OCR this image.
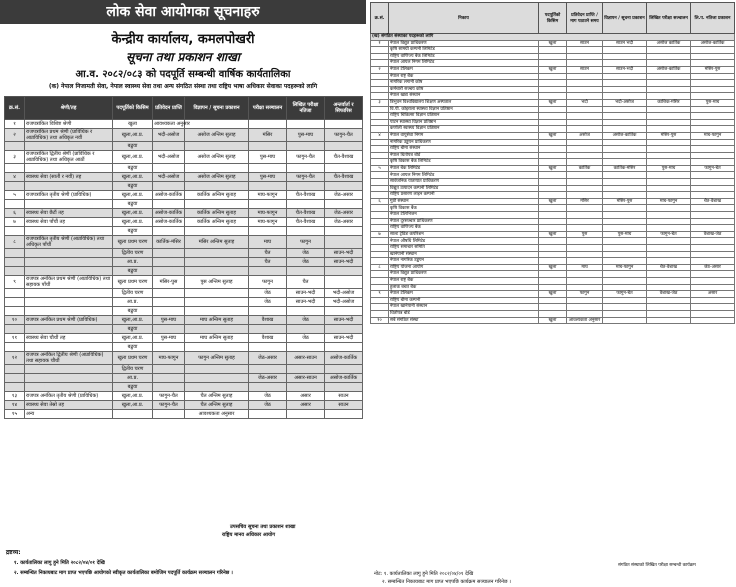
लोक सेवा आयोगका सूचनाहरु
केन्द्रीय कार्यालय, कमलपोखरी
सूचना तथा प्रकाशन शाखा
आ.व. २०८२/०८३ को पदपूर्ति सम्बन्धी वार्षिक कार्यतालिका
(क) नेपाल निजामती सेवा, नेपाल स्वास्थ्य सेवा तथा अन्य संगठित संस्था तथा राष्ट्रिय भाषा अधिकार सेवाका पदहरूको लागि
क्र.सं.	श्रेणी/तह	पदपूर्तिको किसिम	प्रतिवेदन प्राप्ति	विज्ञापन / सूचना प्रकाशन	परीक्षा सञ्चालन	लिखित परीक्षा नतिजा	अन्तर्वार्ता र सिफारिस
१	राजपत्रांकित विशिष्ट श्रेणी	खुला	आवश्यकता अनुसार				
२	राजपत्रांकित प्रथम श्रेणी (प्राविधिक र अप्राविधिक) तथा अधिकृत नवौं	खुला,आ.प्र.	भदौ-असोज	असोज अन्तिम सुताह	मंसिर	पुस-माघ	फागुन-चैत
		बढुवा					
३	राजपत्रांकित द्वितीय श्रेणी (प्राविधिक र अप्राविधिक) तथा अधिकृत आठौं	खुला,आ.प्र.	भदौ-असोज	असोज अन्तिम सुताह	पुस-माघ	फागुन-चैत	चैत-वैशाख
		बढुवा					
४	स्वास्थ्य सेवा (सातौं र नवौं) तह	खुला,आ.प्र.	भदौ-असोज	असोज अन्तिम सुताह	पुस-माघ	फागुन-चैत	चैत-वैशाख
		बढुवा					
५	राजपत्रांकित तृतीय श्रेणी (प्राविधिक)	खुला,आ.प्र.	असोज-कार्तिक	कार्तिक अन्तिम सुताह	माघ-फागुन	चैत-वैशाख	जेठ-असार
		बढुवा					
६	स्वास्थ्य सेवा छैटौं तह	खुला,आ.प्र.	असोज-कार्तिक	कार्तिक अन्तिम सुताह	माघ-फागुन	चैत-वैशाख	जेठ-असार
७	स्वास्थ्य सेवा पाँचौं तह	खुला,आ.प्र.	असोज-कार्तिक	कार्तिक अन्तिम सुताह	माघ-फागुन	चैत-वैशाख	जेठ-असार
		बढुवा					
८	राजपत्रांकित तृतीय श्रेणी (अप्राविधिक) तथा अधिकृत पाँचौं	खुला प्रथम चरण	कार्तिक-मंसिर	मंसिर अन्तिम सुताह	माघ	फागुन	
		द्वितीय चरण			चैत	जेठ	साउन-भदौ
		आ.प्र.			चैत	जेठ	साउन-भदौ
		बढुवा					
९	राजपत्र अनंकित प्रथम श्रेणी (अप्राविधिक) तथा सहायक पाँचौं	खुला प्रथम चरण	मंसिर-पुस	पुस अन्तिम सुताह	फागुन	चैत	
		द्वितीय चरण			जेठ	साउन-भदौ	भदौ-असोज
		आ.प्र.			जेठ	साउन-भदौ	भदौ-असोज
		बढुवा					
१०	राजपत्र अनंकित प्रथम श्रेणी (प्राविधिक)	खुला,आ.प्र.	पुस-माघ	माघ अन्तिम सुताह	वैशाख	जेठ	साउन-भदौ
		बढुवा					
११	स्वास्थ्य सेवा चौथौं तह	खुला,आ.प्र.	पुस-माघ	माघ अन्तिम सुताह	वैशाख	जेठ	साउन-भदौ
		बढुवा					
१२	राजपत्र अनंकित द्वितीय श्रेणी (अप्राविधिक) तथा सहायक चौथौं	खुला प्रथम चरण	माघ-फागुन	फागुन अन्तिम सुताह	जेठ-असार	असार-साउन	असोज-कार्तिक
		द्वितीय चरण					
		आ.प्र.			जेठ-असार	असार-साउन	असोज-कार्तिक
		बढुवा					
१३	राजपत्र अनंकित तृतीय श्रेणी (प्राविधिक)	खुला,आ.प्र.	फागुन-चैत	चैत अन्तिम सुताह	जेठ	असार	साउन
१४	स्वास्थ्य सेवा तेस्रो तह	खुला,आ.प्र.	फागुन-चैत	चैत अन्तिम सुताह	जेठ	असार	साउन
१५	अन्य			आवश्यकता अनुसार			
उपसचिव सूचना तथा प्रकाशन शाखा
राष्ट्रिय मानव अधिकार आयोग
द्रष्टव्य:
१. कार्यतालिका लागु हुने मिति २०८२/०४/०१ देखि
२. सम्बन्धित निकायबाट माग प्राप्त भएपछि आयोगको स्वीकृत कार्यतालिका बमोजिम पदपूर्ति कार्यक्रम सञ्चालन गरिनेछ ।
क्र.सं.	निकाय	पदपूर्तिको किसिम	प्रतिवेदन प्राप्ति / माग पठाउने समय	विज्ञापन / सूचना प्रकाशन	लिखित परीक्षा सञ्चालन	लि.प. नतिजा प्रकाशन
(ख) संगठित संस्थाका पदहरूको लागि						
१	नेपाल विद्युत प्राधिकरण	खुला	साउन	साउन भदौ	असोज कार्तिक	असोज-कार्तिक
	कृषि सामग्री कम्पनी लिमिटेड					
	राष्ट्रिय वाणिज्य बैंक लिमिटेड					
	नेपाल आयल निगम लिमिटेड					
२	नेपाल टेलिकम	खुला	साउन	साउन-भदौ	असोज-कार्तिक	मंसिर-पुस
	नेपाल राष्ट्र बैंक					
	नागरिक लगानी कोष					
	कर्मचारी सञ्चय कोष					
	नेपाल खाद्य संस्थान					
३	त्रिभुवन विश्वविद्यालय शिक्षण अस्पताल	खुला	भदौ	भदौ-असोज	कात्तिक-मंसिर	पुस-माघ
	वि.पी. कोइराला स्वास्थ्य विज्ञान प्रतिष्ठान					
	राष्ट्रिय चिकित्सा विज्ञान प्रतिष्ठान					
	पाटन स्वास्थ्य विज्ञान प्रतिष्ठान					
	कर्णाली स्वास्थ्य विज्ञान प्रतिष्ठान					
४	नेपाल वायुसेवा निगम	खुला	असोज	असोज-कार्तिक	मंसिर-पुस	माघ-फागुन
	नागरिक उड्डयन प्राधिकरण					
	राष्ट्रिय बीमा संस्थान					
	नेपाल धितोपत्र बोर्ड					
	कृषि विकास बैंक लिमिटेड					
५	नेपाल बैंक लिमिटेड	खुला	कार्तिक	कार्तिक-मंसिर	पुस-माघ	फागुन-चैत
	नेपाल आयल निगम लिमिटेड					
	सार्वजनिक यातायात प्राधिकरण					
	विद्युत उत्पादन कम्पनी लिमिटेड					
	राष्ट्रिय प्रसारण लाइन कम्पनी					
६	गुठी संस्थान	खुला	मंसिर	मंसिर-पुस	माघ-फागुन	चैत-वैशाख
	कृषि विकास बैंक					
	नेपाल टेलिभिजन					
	नेपाल दूरसञ्चार प्राधिकरण					
	राष्ट्रिय वाणिज्य बैंक					
७	साल्ट ट्रेडिङ कर्पोरेशन	खुला	पुस	पुस-माघ	फागुन-चैत	वैशाख-जेठ
	नेपाल औषधि लिमिटेड					
	राष्ट्रिय समाचार समिति					
	खानेपानी संस्थान					
	नेपाल नागरिक उड्डयन					
८	राष्ट्रिय योजना आयोग	खुला	माघ	माघ-फागुन	चैत-वैशाख	जेठ-असार
	नेपाल विद्युत प्राधिकरण					
	नेपाल राष्ट्र बैंक					
	हुलाक बचत बैंक					
९	नेपाल टेलिकम	खुला	फागुन	फागुन-चैत	वैशाख-जेठ	असार
	राष्ट्रिय बीमा कम्पनी					
	नेपाल खानेपानी संस्थान					
	धितोपत्र बोर्ड					
१०	सबै संगठित संस्था	खुला	आवश्यकता अनुसार			
संगठित संस्थाको लिखित परीक्षा सम्बन्धी कार्यक्रम
नोट: १. कार्यतालिका लागु हुने मिति २०८२/०४/०१ देखि
२. सम्बन्धित निकायबाट माग प्राप्त भएपछि कार्यक्रम सञ्चालन गरिनेछ ।
